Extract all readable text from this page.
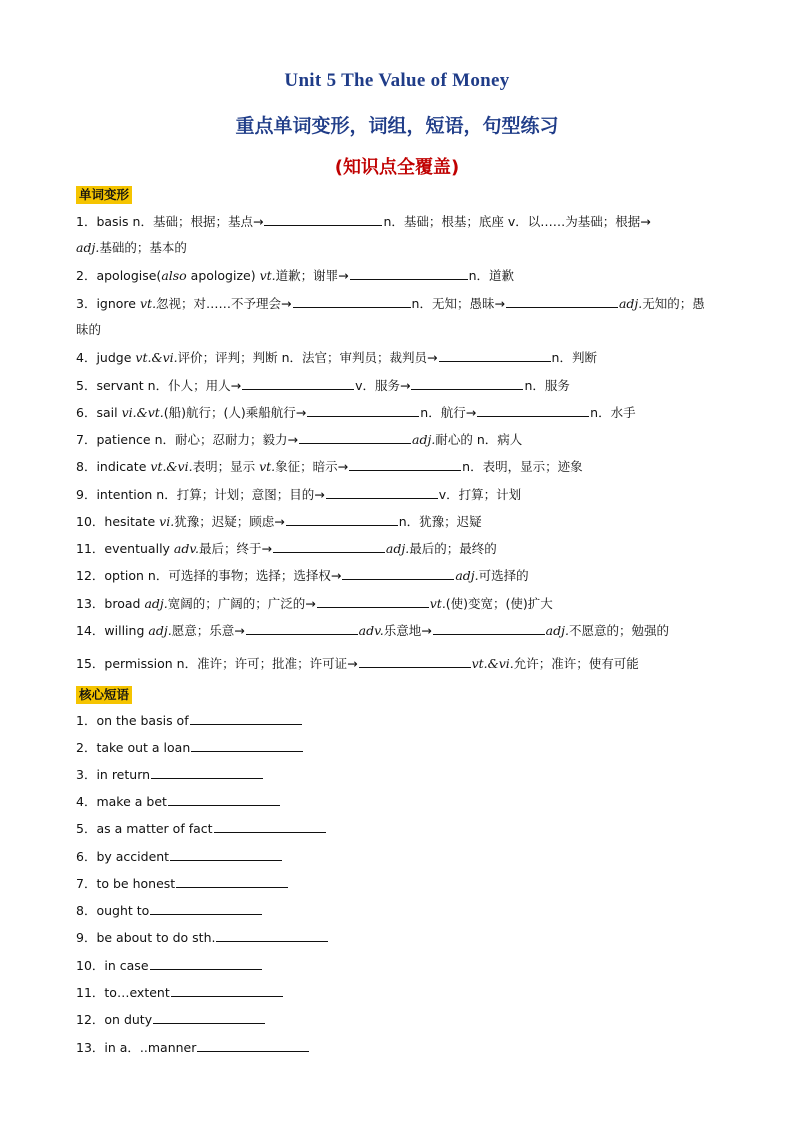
Unit 5 The Value of Money
重点单词变形，词组，短语，句型练习
(知识点全覆盖)
单词变形
1．basis n．基础；根据；基点→	n．基础；根基；底座 v．以……为基础；根据→
adj.基础的；基本的
2．apologise(also apologize) vt.道歉；谢罪→	n．道歉
3．ignore vt.忽视；对……不予理会→	n．无知；愚昧→	adj.无知的；愚
昧的
4．judge vt.&vi.评价；评判；判断 n．法官；审判员；裁判员→	n．判断
5．servant n．仆人；用人→	v．服务→	n．服务
6．sail vi.&vt.(船)航行；(人)乘船航行→	n．航行→	n．水手
7．patience n．耐心；忍耐力；毅力→	adj.耐心的 n．病人
8．indicate vt.&vi.表明；显示 vt.象征；暗示→	n．表明，显示；迹象
9．intention n．打算；计划；意图；目的→	v．打算；计划
10．hesitate vi.犹豫；迟疑；顾虑→	n．犹豫；迟疑
11．eventually adv.最后；终于→	adj.最后的；最终的
12．option n．可选择的事物；选择；选择权→	adj.可选择的
13．broad adj.宽阔的；广阔的；广泛的→	vt.(使)变宽；(使)扩大
14．willing adj.愿意；乐意→	adv.乐意地→	adj.不愿意的；勉强的
15．permission n．准许；许可；批准；许可证→	vt.&vi.允许；准许；使有可能
核心短语
1．on the basis of
2．take out a loan
3．in return
4．make a bet
5．as a matter of fact
6．by accident
7．to be honest
8．ought to
9．be about to do sth.
10．in case
11．to…extent
12．on duty
13．in a．..manner
